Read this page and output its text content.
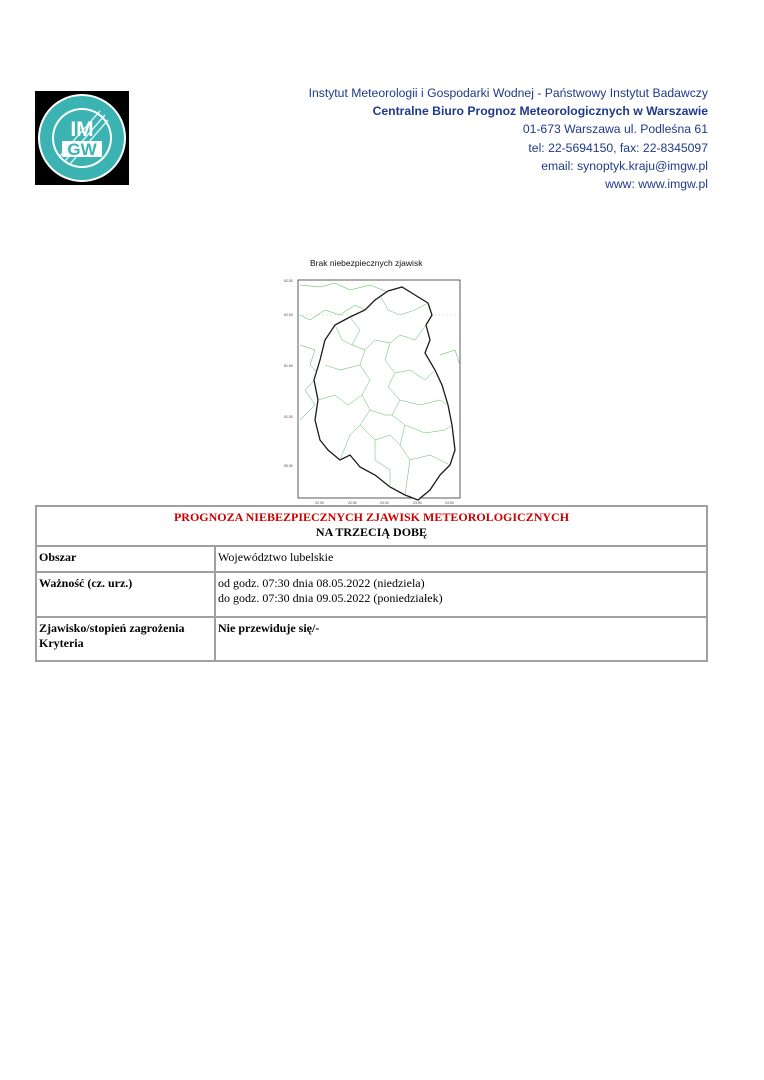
IM
GW
Instytut Meteorologii i Gospodarki Wodnej - Państwowy Instytut Badawczy
Centralne Biuro Prognoz Meteorologicznych w Warszawie
01-673 Warszawa ul. Podleśna 61
tel: 22-5694150, fax: 22-8345097
email: synoptyk.kraju@imgw.pl
www: www.imgw.pl
Brak niebezpiecznych zjawisk
52.50
52.00
51.50
51.00
50.50
22.00	22.50	23.00	23.50	24.00
PROGNOZA NIEBEZPIECZNYCH ZJAWISK METEOROLOGICZNYCH
NA TRZECIĄ DOBĘ	

Obszar	Województwo lubelskie
Ważność (cz. urz.)	od godz. 07:30 dnia 08.05.2022 (niedziela)
do godz. 07:30 dnia 09.05.2022 (poniedziałek)

Zjawisko/stopień zagrożenia
Kryteria	Nie przewiduje się/-
